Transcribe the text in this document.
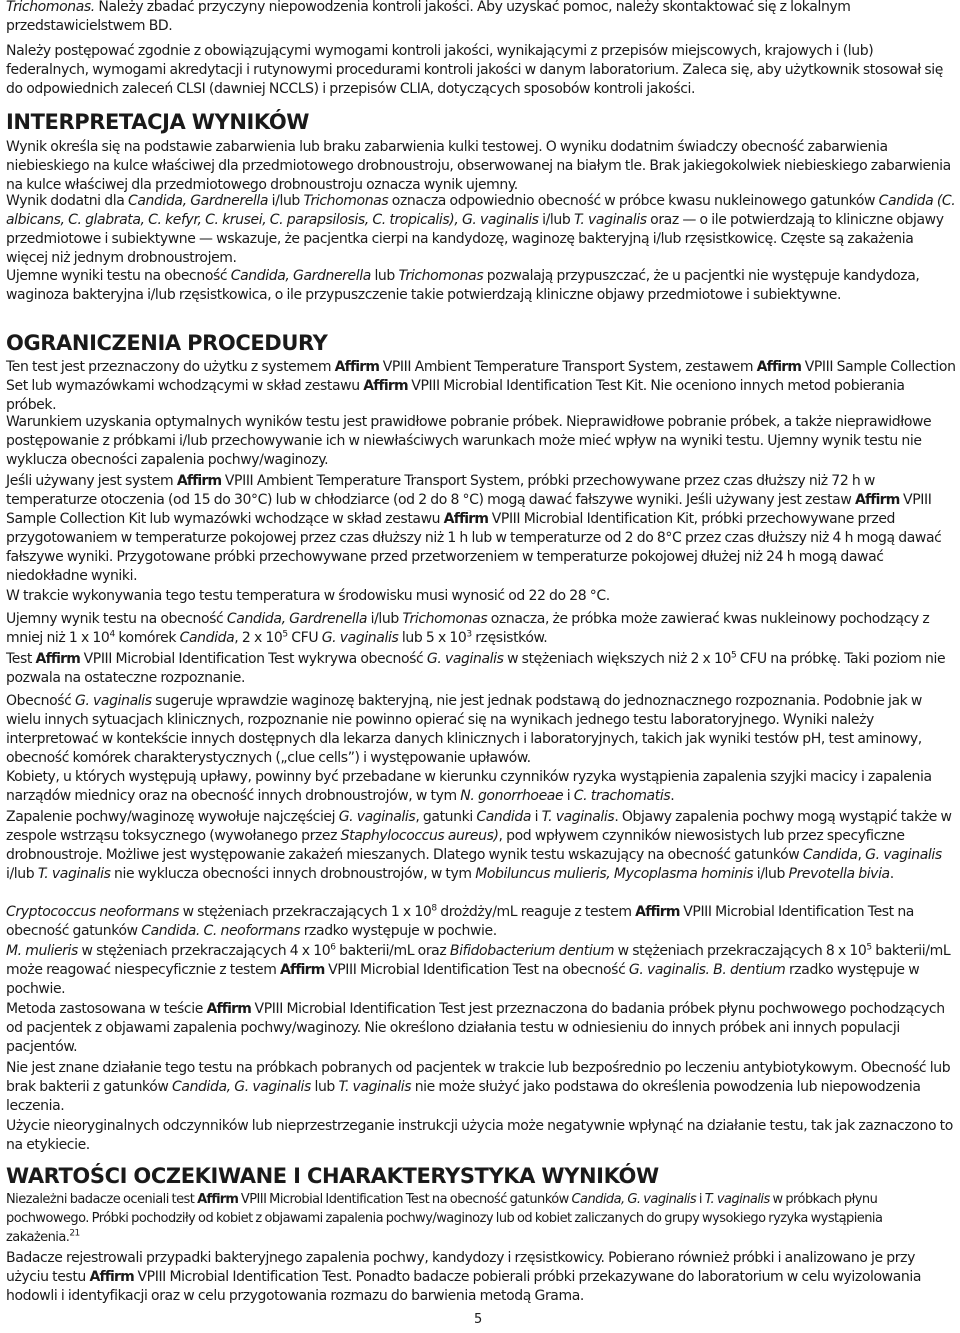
Trichomonas. Należy zbadać przyczyny niepowodzenia kontroli jakości. Aby uzyskać pomoc, należy skontaktować się z lokalnym przedstawicielstwem BD.

Należy postępować zgodnie z obowiązującymi wymogami kontroli jakości, wynikającymi z przepisów miejscowych, krajowych i (lub) federalnych, wymogami akredytacji i rutynowymi procedurami kontroli jakości w danym laboratorium. Zaleca się, aby użytkownik stosował się do odpowiednich zaleceń CLSI (dawniej NCCLS) i przepisów CLIA, dotyczących sposobów kontroli jakości.

INTERPRETACJA WYNIKÓW

Wynik określa się na podstawie zabarwienia lub braku zabarwienia kulki testowej. O wyniku dodatnim świadczy obecność zabarwienia niebieskiego na kulce właściwej dla przedmiotowego drobnoustroju, obserwowanej na białym tle. Brak jakiegokolwiek niebieskiego zabarwienia na kulce właściwej dla przedmiotowego drobnoustroju oznacza wynik ujemny.

Wynik dodatni dla Candida, Gardnerella i/lub Trichomonas oznacza odpowiednio obecność w próbce kwasu nukleinowego gatunków Candida (C. albicans, C. glabrata, C. kefyr, C. krusei, C. parapsilosis, C. tropicalis), G. vaginalis i/lub T. vaginalis oraz — o ile potwierdzają to kliniczne objawy przedmiotowe i subiektywne — wskazuje, że pacjentka cierpi na kandydozę, waginozę bakteryjną i/lub rzęsistkowicę. Częste są zakażenia więcej niż jednym drobnoustrojem.

Ujemne wyniki testu na obecność Candida, Gardnerella lub Trichomonas pozwalają przypuszczać, że u pacjentki nie występuje kandydoza, waginoza bakteryjna i/lub rzęsistkowica, o ile przypuszczenie takie potwierdzają kliniczne objawy przedmiotowe i subiektywne.

OGRANICZENIA PROCEDURY

Ten test jest przeznaczony do użytku z systemem Affirm VPIII Ambient Temperature Transport System, zestawem Affirm VPIII Sample Collection Set lub wymazówkami wchodzącymi w skład zestawu Affirm VPIII Microbial Identification Test Kit. Nie oceniono innych metod pobierania próbek.

Warunkiem uzyskania optymalnych wyników testu jest prawidłowe pobranie próbek. Nieprawidłowe pobranie próbek, a także nieprawidłowe postępowanie z próbkami i/lub przechowywanie ich w niewłaściwych warunkach może mieć wpływ na wyniki testu. Ujemny wynik testu nie wyklucza obecności zapalenia pochwy/waginozy.

Jeśli używany jest system Affirm VPIII Ambient Temperature Transport System, próbki przechowywane przez czas dłuższy niż 72 h w temperaturze otoczenia (od 15 do 30°C) lub w chłodziarce (od 2 do 8 °C) mogą dawać fałszywe wyniki. Jeśli używany jest zestaw Affirm VPIII Sample Collection Kit lub wymazówki wchodzące w skład zestawu Affirm VPIII Microbial Identification Kit, próbki przechowywane przed przygotowaniem w temperaturze pokojowej przez czas dłuższy niż 1 h lub w temperaturze od 2 do 8°C przez czas dłuższy niż 4 h mogą dawać fałszywe wyniki. Przygotowane próbki przechowywane przed przetworzeniem w temperaturze pokojowej dłużej niż 24 h mogą dawać niedokładne wyniki.

W trakcie wykonywania tego testu temperatura w środowisku musi wynosić od 22 do 28 °C.

Ujemny wynik testu na obecność Candida, Gardrenella i/lub Trichomonas oznacza, że próbka może zawierać kwas nukleinowy pochodzący z mniej niż 1 x $10^4$ komórek Candida, 2 x $10^5$ CFU G. vaginalis lub 5 x $10^3$ rzęsistków.

Test Affirm VPIII Microbial Identification Test wykrywa obecność G. vaginalis w stężeniach większych niż 2 x $10^5$ CFU na próbkę. Taki poziom nie pozwala na ostateczne rozpoznanie.

Obecność G. vaginalis sugeruje wprawdzie waginozę bakteryjną, nie jest jednak podstawą do jednoznacznego rozpoznania. Podobnie jak w wielu innych sytuacjach klinicznych, rozpoznanie nie powinno opierać się na wynikach jednego testu laboratoryjnego. Wyniki należy interpretować w kontekście innych dostępnych dla lekarza danych klinicznych i laboratoryjnych, takich jak wyniki testów pH, test aminowy, obecność komórek charakterystycznych („clue cells”) i występowanie upławów.

Kobiety, u których występują upławy, powinny być przebadane w kierunku czynników ryzyka wystąpienia zapalenia szyjki macicy i zapalenia narządów miednicy oraz na obecność innych drobnoustrojów, w tym N. gonorrhoeae i C. trachomatis.

Zapalenie pochwy/waginozę wywołuje najczęściej G. vaginalis, gatunki Candida i T. vaginalis. Objawy zapalenia pochwy mogą wystąpić także w zespole wstrząsu toksycznego (wywołanego przez Staphylococcus aureus), pod wpływem czynników niewosistych lub przez specyficzne drobnoustroje. Możliwe jest występowanie zakażeń mieszanych. Dlatego wynik testu wskazujący na obecność gatunków Candida, G. vaginalis i/lub T. vaginalis nie wyklucza obecności innych drobnoustrojów, w tym Mobiluncus mulieris, Mycoplasma hominis i/lub Prevotella bivia.

Cryptococcus neoformans w stężeniach przekraczających 1 x $10^8$ drożdży/mL reaguje z testem Affirm VPIII Microbial Identification Test na obecność gatunków Candida. C. neoformans rzadko występuje w pochwie.

M. mulieris w stężeniach przekraczających 4 x $10^6$ bakterii/mL oraz Bifidobacterium dentium w stężeniach przekraczających 8 x $10^5$ bakterii/mL może reagować niespecyficznie z testem Affirm VPIII Microbial Identification Test na obecność G. vaginalis. B. dentium rzadko występuje w pochwie.

Metoda zastosowana w teście Affirm VPIII Microbial Identification Test jest przeznaczona do badania próbek płynu pochwowego pochodzących od pacjentek z objawami zapalenia pochwy/waginozy. Nie określono działania testu w odniesieniu do innych próbek ani innych populacji pacjentów.

Nie jest znane działanie tego testu na próbkach pobranych od pacjentek w trakcie lub bezpośrednio po leczeniu antybiotykowym. Obecność lub brak bakterii z gatunków Candida, G. vaginalis lub T. vaginalis nie może służyć jako podstawa do określenia powodzenia lub niepowodzenia leczenia.

Użycie nieoryginalnych odczynników lub nieprzestrzeganie instrukcji użycia może negatywnie wpłynąć na działanie testu, tak jak zaznaczono to na etykiecie.

WARTOŚCI OCZEKIWANE I CHARAKTERYSTYKA WYNIKÓW

Niezależni badacze oceniali test Affirm VPIII Microbial Identification Test na obecność gatunków Candida, G. vaginalis i T. vaginalis w próbkach płynu pochwowego. Próbki pochodziły od kobiet z objawami zapalenia pochwy/waginozy lub od kobiet zaliczanych do grupy wysokiego ryzyka wystąpienia zakażenia.$^{21}$

Badacze rejestrowali przypadki bakteryjnego zapalenia pochwy, kandydozy i rzęsistkowicy. Pobierano również próbki i analizowano je przy użyciu testu Affirm VPIII Microbial Identification Test. Ponadto badacze pobierali próbki przekazywane do laboratorium w celu wyizolowania hodowli i identyfikacji oraz w celu przygotowania rozmazu do barwienia metodą Grama.

5
